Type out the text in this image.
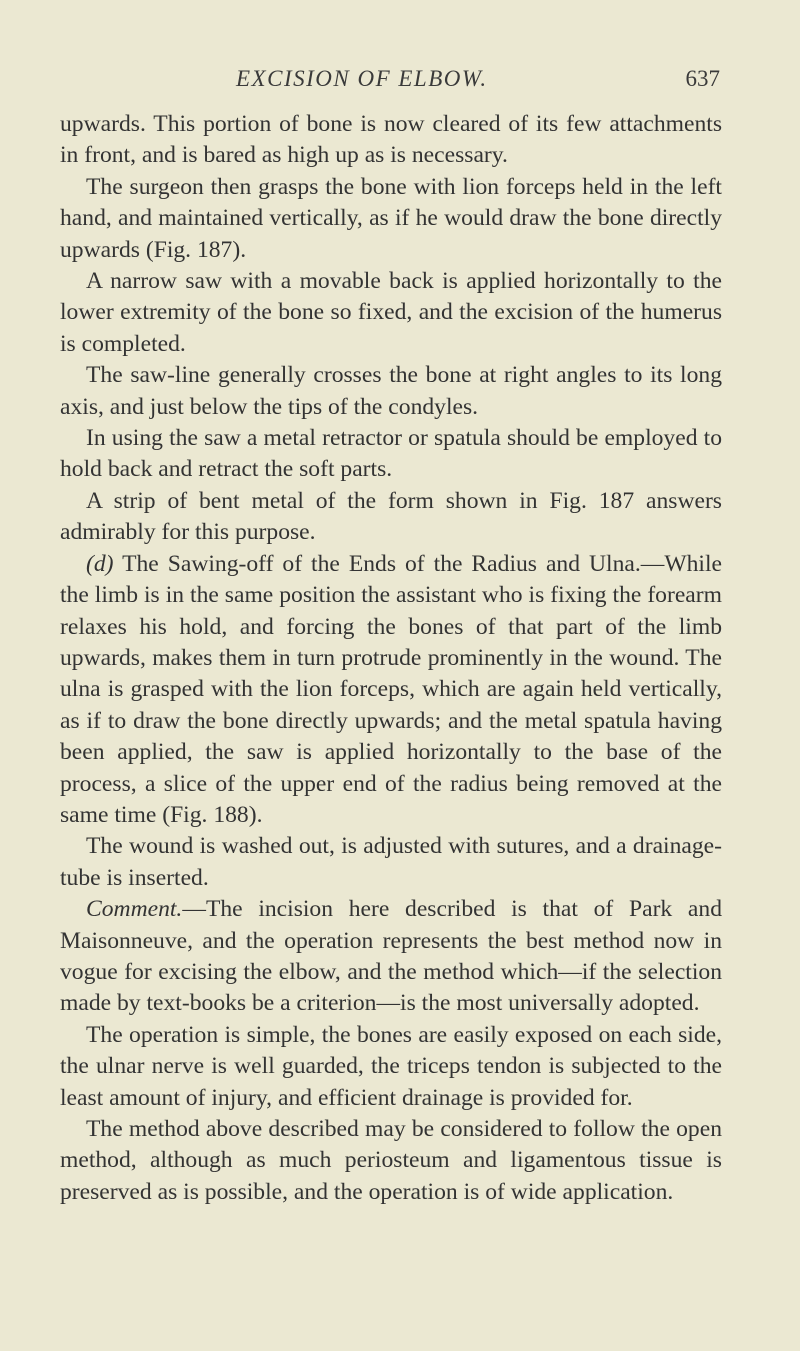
EXCISION OF ELBOW.	637

upwards. This portion of bone is now cleared of its few attachments in front, and is bared as high up as is necessary.

The surgeon then grasps the bone with lion forceps held in the left hand, and maintained vertically, as if he would draw the bone directly upwards (Fig. 187).

A narrow saw with a movable back is applied horizontally to the lower extremity of the bone so fixed, and the excision of the humerus is completed.

The saw-line generally crosses the bone at right angles to its long axis, and just below the tips of the condyles.

In using the saw a metal retractor or spatula should be employed to hold back and retract the soft parts.

A strip of bent metal of the form shown in Fig. 187 answers admirably for this purpose.

(d) The Sawing-off of the Ends of the Radius and Ulna.—While the limb is in the same position the assistant who is fixing the forearm relaxes his hold, and forcing the bones of that part of the limb upwards, makes them in turn protrude prominently in the wound. The ulna is grasped with the lion forceps, which are again held vertically, as if to draw the bone directly upwards; and the metal spatula having been applied, the saw is applied horizontally to the base of the process, a slice of the upper end of the radius being removed at the same time (Fig. 188).

The wound is washed out, is adjusted with sutures, and a drainage-tube is inserted.

Comment.—The incision here described is that of Park and Maisonneuve, and the operation represents the best method now in vogue for excising the elbow, and the method which—if the selection made by text-books be a criterion—is the most universally adopted.

The operation is simple, the bones are easily exposed on each side, the ulnar nerve is well guarded, the triceps tendon is subjected to the least amount of injury, and efficient drainage is provided for.

The method above described may be considered to follow the open method, although as much periosteum and ligamentous tissue is preserved as is possible, and the operation is of wide application.
